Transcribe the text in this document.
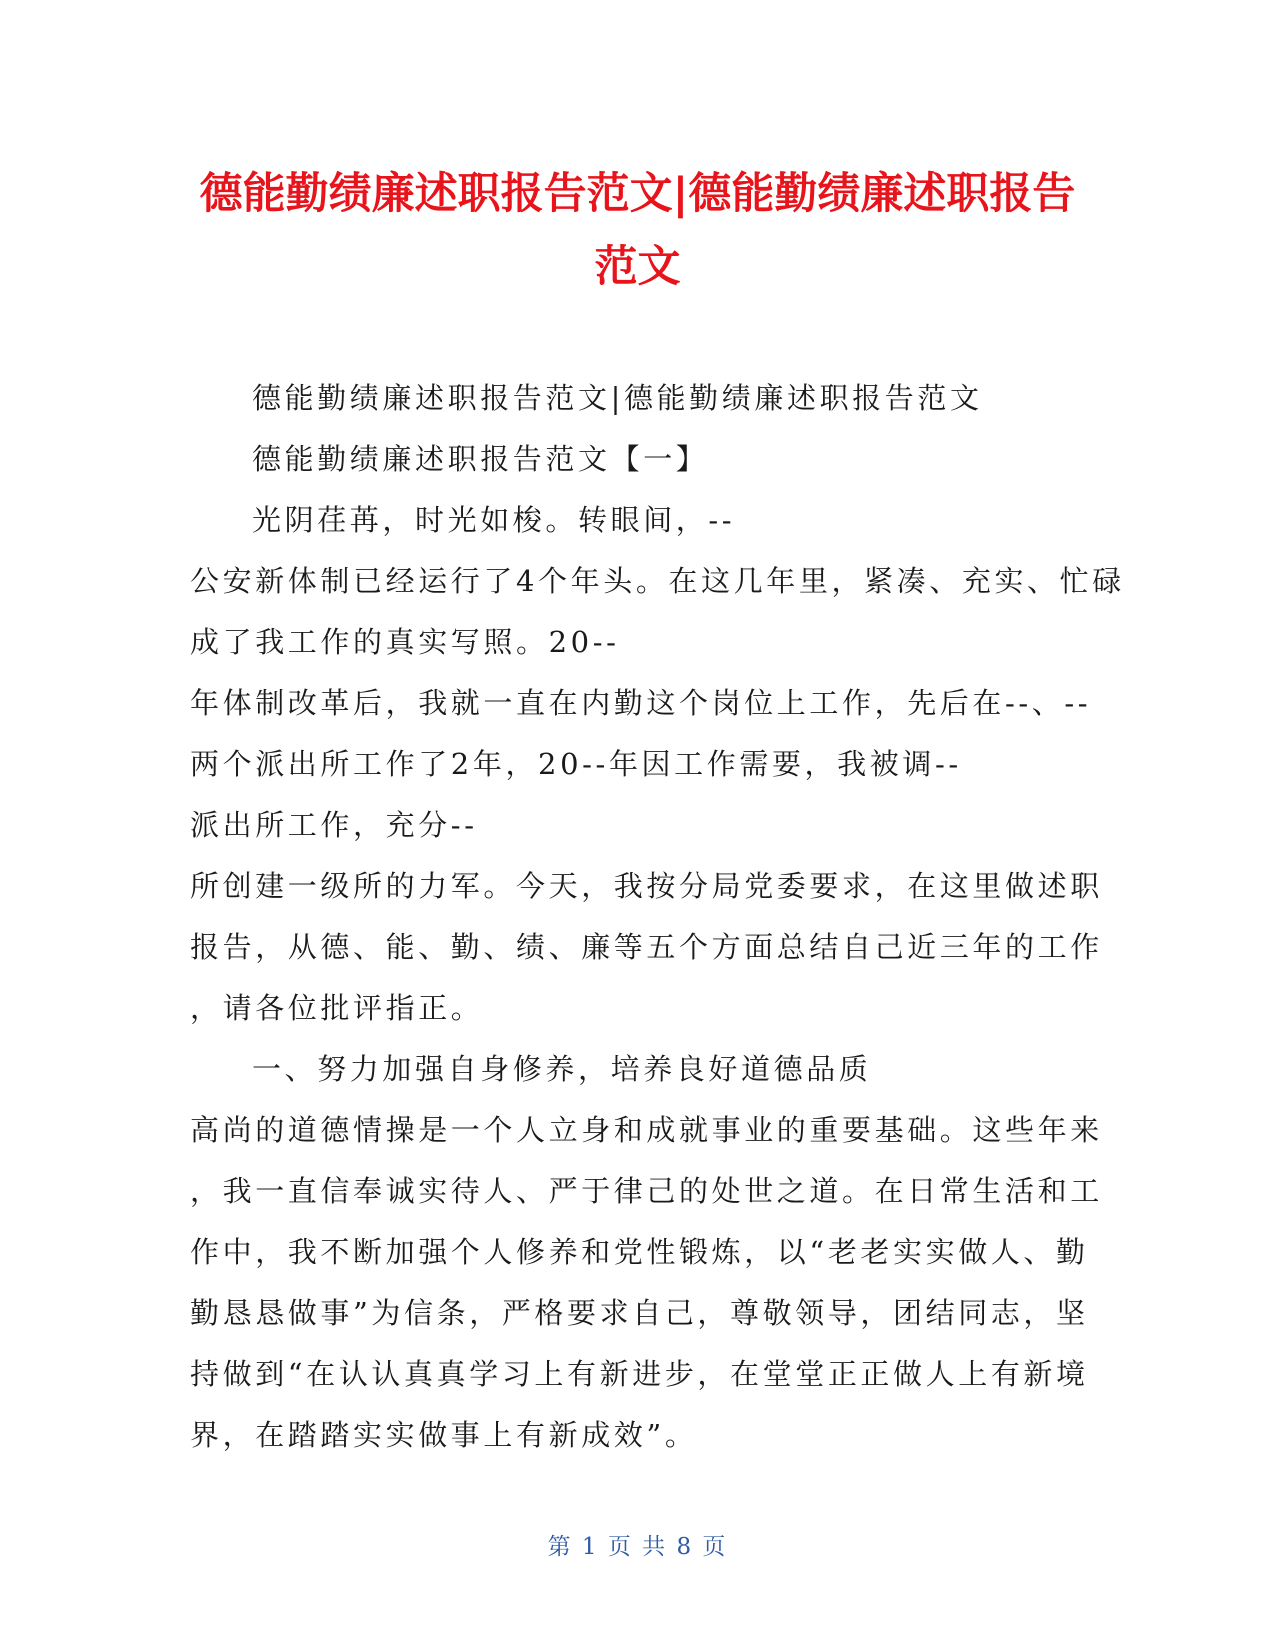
德能勤绩廉述职报告范文|德能勤绩廉述职报告
范文
德能勤绩廉述职报告范文|德能勤绩廉述职报告范文
德能勤绩廉述职报告范文【一】
光阴荏苒，时光如梭。转眼间，--
公安新体制已经运行了4个年头。在这几年里，紧凑、充实、忙碌
成了我工作的真实写照。20--
年体制改革后，我就一直在内勤这个岗位上工作，先后在--、--
两个派出所工作了2年，20--年因工作需要，我被调--
派出所工作，充分--
所创建一级所的力军。今天，我按分局党委要求，在这里做述职
报告，从德、能、勤、绩、廉等五个方面总结自己近三年的工作
，请各位批评指正。
一、努力加强自身修养，培养良好道德品质
高尚的道德情操是一个人立身和成就事业的重要基础。这些年来
，我一直信奉诚实待人、严于律己的处世之道。在日常生活和工
作中，我不断加强个人修养和党性锻炼，以“老老实实做人、勤
勤恳恳做事”为信条，严格要求自己，尊敬领导，团结同志，坚
持做到“在认认真真学习上有新进步，在堂堂正正做人上有新境
界，在踏踏实实做事上有新成效”。
第 1 页 共 8 页
